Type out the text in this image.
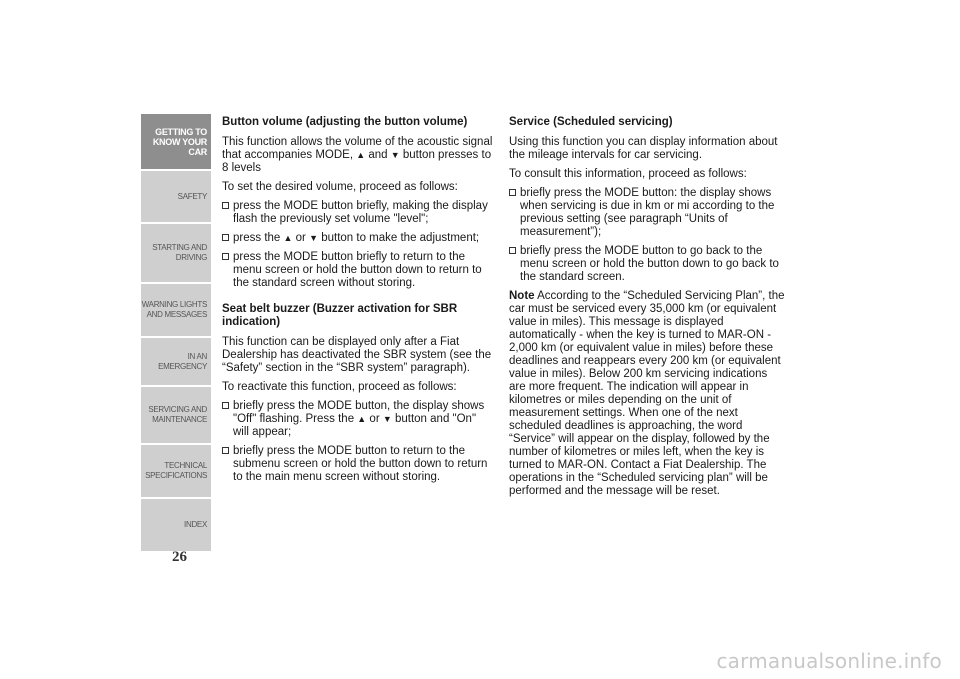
GETTING TO KNOW YOUR CAR
SAFETY
STARTING AND DRIVING
WARNING LIGHTS AND MESSAGES
IN AN EMERGENCY
SERVICING AND MAINTENANCE
TECHNICAL SPECIFICATIONS
INDEX
26
Button volume (adjusting the button volume)

This function allows the volume of the acoustic signal that accompanies MODE, ▲ and ▼ button presses to 8 levels

To set the desired volume, proceed as follows:

press the MODE button briefly, making the display flash the previously set volume "level";
press the ▲ or ▼ button to make the adjustment;
press the MODE button briefly to return to the menu screen or hold the button down to return to the standard screen without storing.
Seat belt buzzer (Buzzer activation for SBR indication)

This function can be displayed only after a Fiat Dealership has deactivated the SBR system (see the “Safety” section in the “SBR system” paragraph).

To reactivate this function, proceed as follows:

briefly press the MODE button, the display shows "Off" flashing. Press the ▲ or ▼ button and "On" will appear;
briefly press the MODE button to return to the submenu screen or hold the button down to return to the main menu screen without storing.
Service (Scheduled servicing)

Using this function you can display information about the mileage intervals for car servicing.

To consult this information, proceed as follows:

briefly press the MODE button: the display shows when servicing is due in km or mi according to the previous setting (see paragraph “Units of measurement”);
briefly press the MODE button to go back to the menu screen or hold the button down to go back to the standard screen.

Note According to the “Scheduled Servicing Plan”, the car must be serviced every 35,000 km (or equivalent value in miles). This message is displayed automatically - when the key is turned to MAR-ON - 2,000 km (or equivalent value in miles) before these deadlines and reappears every 200 km (or equivalent value in miles). Below 200 km servicing indications are more frequent. The indication will appear in kilometres or miles depending on the unit of measurement settings. When one of the next scheduled deadlines is approaching, the word “Service” will appear on the display, followed by the number of kilometres or miles left, when the key is turned to MAR-ON. Contact a Fiat Dealership. The operations in the “Scheduled servicing plan” will be performed and the message will be reset.

carmanualsonline.info
